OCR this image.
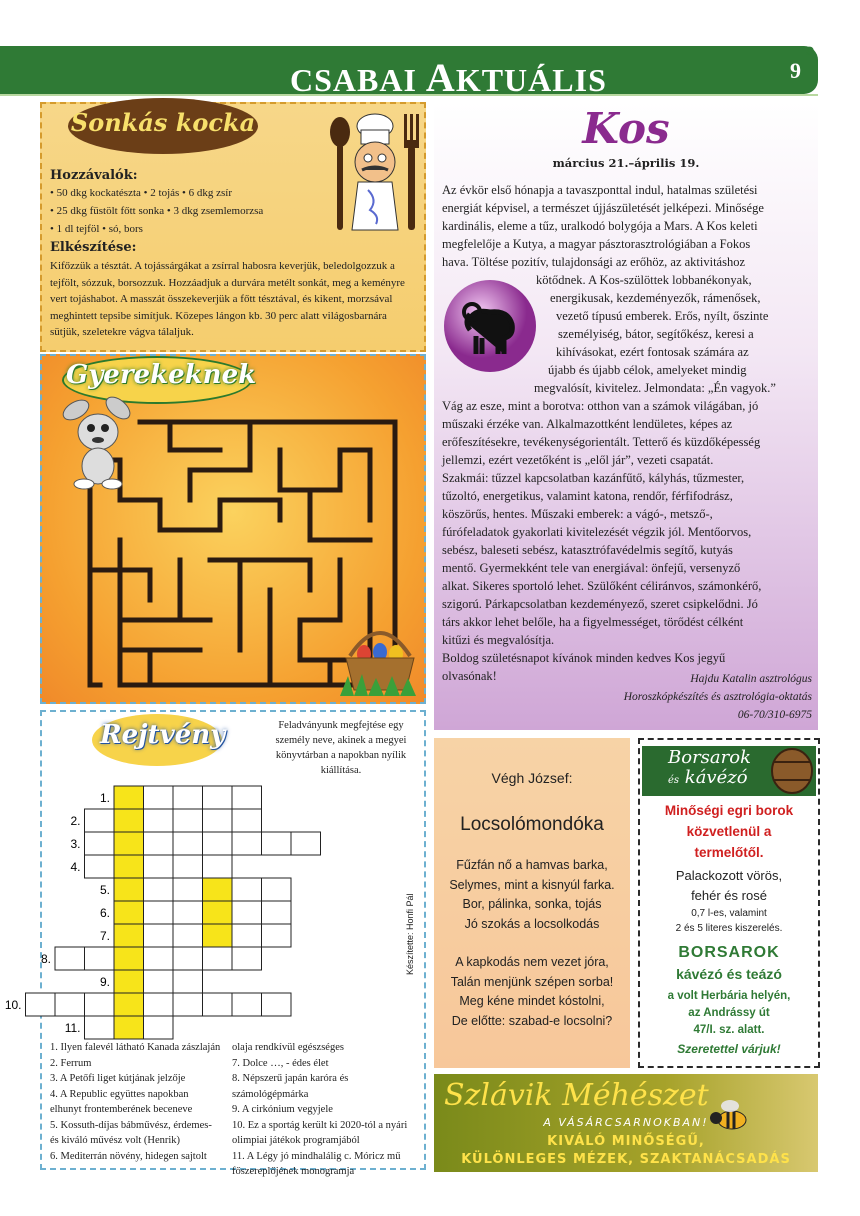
CSABAI AKTUÁLIS	9
๑
Sonkás kocka
Hozzávalók:
• 50 dkg kockatészta • 2 tojás • 6 dkg zsír
• 25 dkg füstölt főtt sonka • 3 dkg zsemlemorzsa
• 1 dl tejföl • só, bors
Elkészítése:
Kifőzzük a tésztát. A tojássárgákat a zsírral habosra keverjük, beledolgozzuk a tejfölt, sózzuk, borsozzuk. Hozzáadjuk a durvára metélt sonkát, meg a keményre vert tojáshabot. A masszát összekeverjük a főtt tésztával, és kikent, morzsával meghintett tepsibe simítjuk. Közepes lángon kb. 30 perc alatt világosbarnára sütjük, szeletekre vágva tálaljuk.
Gyerekeknek
Rejtvény	Feladványunk megfejtése egy személy neve, akinek a megyei könyvtárban a napokban nyílik kiállítása.
1.
2.
3.
4.
5.
6.
7.
8.
9.
10.
11.
Készítette: Honfi Pál
1. Ilyen falevél látható Kanada zászlaján
2. Ferrum
3. A Petőfi liget kútjának jelzője
4. A Republic együttes napokban elhunyt frontemberének beceneve
5. Kossuth-díjas bábművész, érdemes- és kiváló művész volt (Henrik)
6. Mediterrán növény, hidegen sajtolt
olaja rendkívül egészséges
7. Dolce …, - édes élet
8. Népszerű japán karóra és számológépmárka
9. A cirkónium vegyjele
10. Ez a sportág került ki 2020-tól a nyári olimpiai játékok programjából
11. A Légy jó mindhalálig c. Móricz mű főszereplőjének monogramja
Kos
március 21.–április 19.
Az évkör első hónapja a tavaszponttal indul, hatalmas születési
energiát képvisel, a természet újjászületését jelképezi. Minősége
kardinális, eleme a tűz, uralkodó bolygója a Mars. A Kos keleti
megfelelője a Kutya, a magyar pásztorasztrológiában a Fokos
hava. Töltése pozitív, tulajdonsági az erőhöz, az aktivitáshoz
kötődnek. A Kos-szülöttek lobbanékonyak,
energikusak, kezdeményezők, rámenősek,
vezető típusú emberek. Erős, nyílt, őszinte
személyiség, bátor, segítőkész, keresi a
kihívásokat, ezért fontosak számára az
újabb és újabb célok, amelyeket mindig
megvalósít, kivitelez. Jelmondata: „Én vagyok.”
Vág az esze, mint a borotva: otthon van a számok világában, jó
műszaki érzéke van. Alkalmazottként lendületes, képes az
erőfeszítésekre, tevékenységorientált. Tetterő és küzdőképesség
jellemzi, ezért vezetőként is „elől jár”, vezeti csapatát.
Szakmái: tűzzel kapcsolatban kazánfűtő, kályhás, tűzmester,
tűzoltó, energetikus, valamint katona, rendőr, férfifodrász,
köszörűs, hentes. Műszaki emberek: a vágó-, metsző-,
fúrófeladatok gyakorlati kivitelezését végzik jól. Mentőorvos,
sebész, baleseti sebész, katasztrófavédelmis segítő, kutyás
mentő. Gyermekként tele van energiával: önfejű, versenyző
alkat. Sikeres sportoló lehet. Szülőként céliránvos, számonkérő,
szigorú. Párkapcsolatban kezdeményező, szeret csipkelődni. Jó
társ akkor lehet belőle, ha a figyelmességet, törődést célként
kitűzi és megvalósítja.
Boldog születésnapot kívánok minden kedves Kos jegyű
olvasónak!	Hajdu Katalin asztrológus
Horoszkópkészítés és asztrológia-oktatás
06-70/310-6975
Végh József:
Locsolómondóka
Fűzfán nő a hamvas barka,
Selymes, mint a kisnyúl farka.
Bor, pálinka, sonka, tojás
Jó szokás a locsolkodás
A kapkodás nem vezet jóra,
Talán menjünk szépen sorba!
Meg kéne mindet kóstolni,
De előtte: szabad-e locsolni?
Borsarok
és kávézó
Minőségi egri borok
közvetlenül a
termelőtől.
Palackozott vörös,
fehér és rosé
0,7 l-es, valamint
2 és 5 literes kiszerelés.
BORSAROK
kávézó és teázó
a volt Herbária helyén,
az Andrássy út
47/I. sz. alatt.
Szeretettel várjuk!
Szlávik Méhészet
A VÁSÁRCSARNOKBAN!
KIVÁLÓ MINŐSÉGŰ,
KÜLÖNLEGES MÉZEK, SZAKTANÁCSADÁS
